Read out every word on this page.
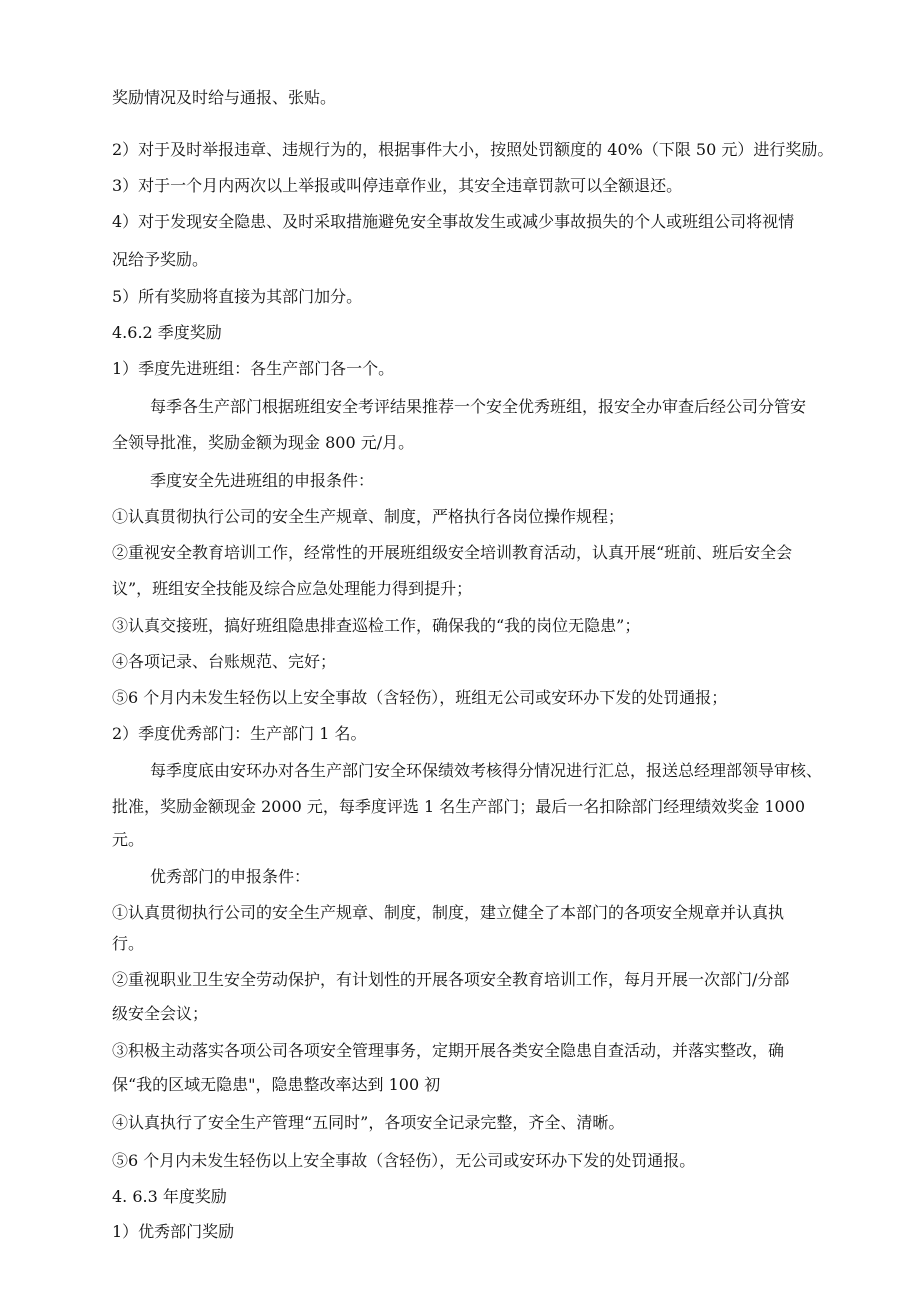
奖励情况及时给与通报、张贴。
2）对于及时举报违章、违规行为的，根据事件大小，按照处罚额度的 40%（下限 50 元）进行奖励。
3）对于一个月内两次以上举报或叫停违章作业，其安全违章罚款可以全额退还。
4）对于发现安全隐患、及时采取措施避免安全事故发生或减少事故损失的个人或班组公司将视情
况给予奖励。
5）所有奖励将直接为其部门加分。
4.6.2 季度奖励
1）季度先进班组：各生产部门各一个。
每季各生产部门根据班组安全考评结果推荐一个安全优秀班组，报安全办审查后经公司分管安
全领导批准，奖励金额为现金 800 元/月。
季度安全先进班组的申报条件：
①认真贯彻执行公司的安全生产规章、制度，严格执行各岗位操作规程；
②重视安全教育培训工作，经常性的开展班组级安全培训教育活动，认真开展“班前、班后安全会
议”，班组安全技能及综合应急处理能力得到提升；
③认真交接班，搞好班组隐患排查巡检工作，确保我的“我的岗位无隐患”；
④各项记录、台账规范、完好；
⑤6 个月内未发生轻伤以上安全事故（含轻伤），班组无公司或安环办下发的处罚通报；
2）季度优秀部门：生产部门 1 名。
每季度底由安环办对各生产部门安全环保绩效考核得分情况进行汇总，报送总经理部领导审核、
批准，奖励金额现金 2000 元，每季度评选 1 名生产部门；最后一名扣除部门经理绩效奖金 1000
元。
优秀部门的申报条件：
①认真贯彻执行公司的安全生产规章、制度，制度，建立健全了本部门的各项安全规章并认真执
行。
②重视职业卫生安全劳动保护，有计划性的开展各项安全教育培训工作，每月开展一次部门/分部
级安全会议；
③积极主动落实各项公司各项安全管理事务，定期开展各类安全隐患自查活动，并落实整改，确
保“我的区域无隐患"，隐患整改率达到 100 初
④认真执行了安全生产管理“五同时”，各项安全记录完整，齐全、清晰。
⑤6 个月内未发生轻伤以上安全事故（含轻伤），无公司或安环办下发的处罚通报。
4. 6.3 年度奖励
1）优秀部门奖励
